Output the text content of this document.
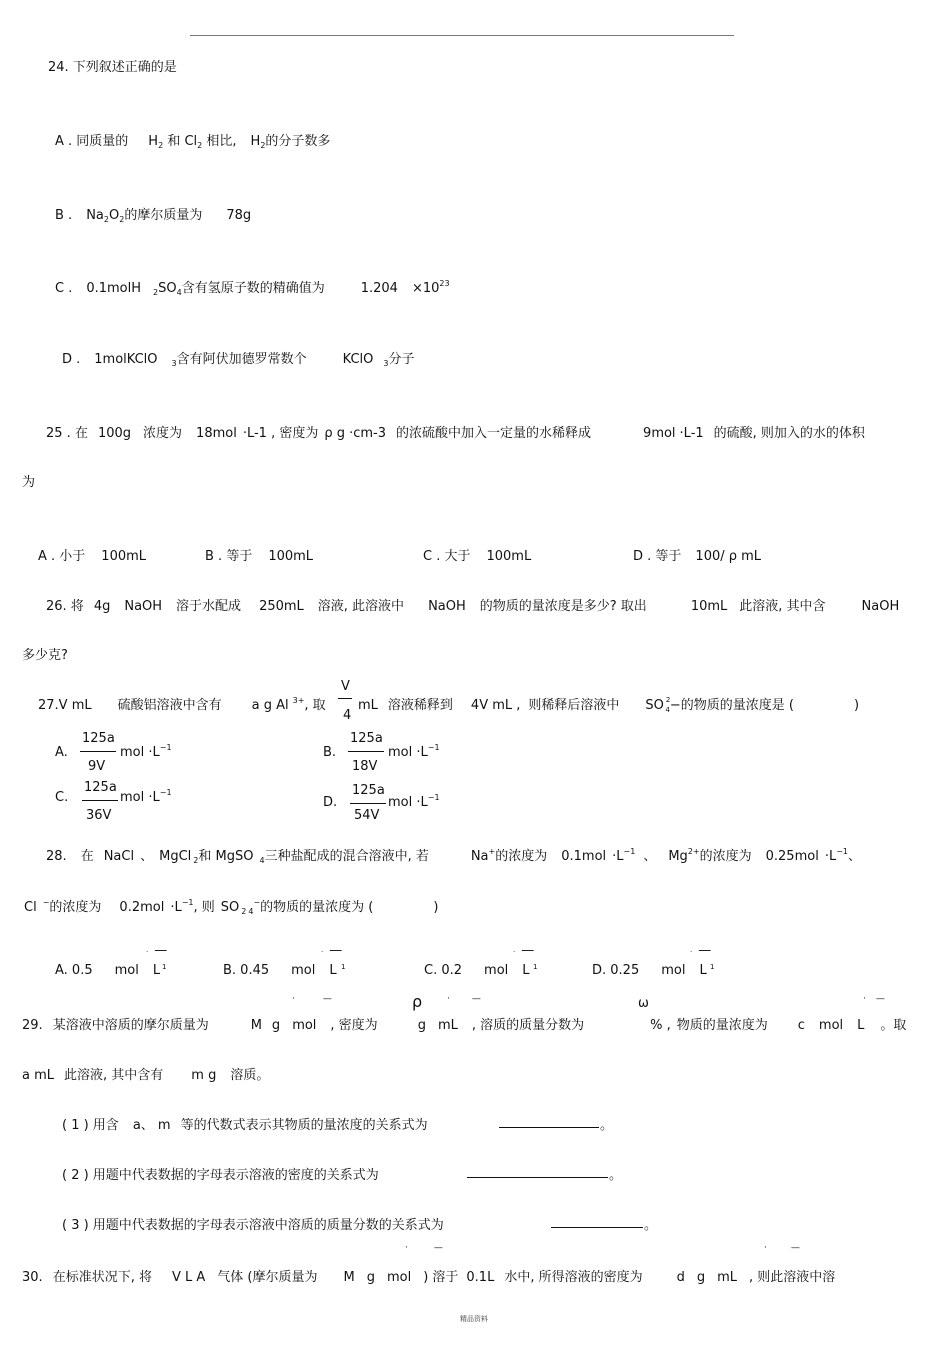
24. 下列叙述正确的是
A . 同质量的 $H_2$ 和 $Cl_2$ 相比, $H_2$的分子数多
B . $Na_2O_2$的摩尔质量为 78g
C . 0.1molH $_2SO_4$含有氢原子数的精确值为	$1.204 \times 10^{23}$
D . 1molKClO $_3$含有阿伏加德罗常数个	KClO $_3$分子
25 . 在 100g 浓度为 18mol ·L-1 , 密度为 ρ g ·cm-3 的浓硫酸中加入一定量的水稀释成	9mol ·L-1 的硫酸, 则加入的水的体积
为
A . 小于 100mL	B . 等于 100mL	C . 大于 100mL	D . 等于 100/ ρ mL
26. 将 4g NaOH 溶于水配成 250mL 溶液, 此溶液中 NaOH 的物质的量浓度是多少? 取出	10mL 此溶液, 其中含	NaOH
多少克?
27.V mL 硫酸铝溶液中含有 a g Al $^{3+}$, 取
V
4
mL 溶液稀释到 4V mL , 则稀释后溶液中 SO $^2_4$−的物质的量浓度是 (	)
A.
125a
9V
mol $\cdot L^{-1}$	B.
125a
18V
mol $\cdot L^{-1}$
C.
125a
36V
mol $\cdot L^{-1}$
D.
125a
54V
mol $\cdot L^{-1}$
28. 在 NaCl 、 MgCl $_2$和 MgSO $_4$三种盐配成的混合溶液中, 若	Na+的浓度为 $0.1mol \cdot L^{-1}$ 、 $Mg^{2+}$的浓度为 $0.25mol \cdot L^{-1}$、
Cl −的浓度为 $0.2mol \cdot L^{-1}$, 则 SO $_2$ $_4$−的物质的量浓度为 (	)
A. 0.5 mol L
· —
1	B. 0.45 mol L
· —
1	C. 0.2 mol L
· —
1	D. 0.25 mol L
· —
1
29. 某溶液中溶质的摩尔质量为	M g mol , 密度为	g mL , 溶质的质量分数为	% , 物质的量浓度为 c mol L 。取
ρ	ω
·	—	· —	· —
a mL 此溶液, 其中含有 m g 溶质。
( 1 ) 用含 a、 m 等的代数式表示其物质的量浓度的关系式为	。
( 2 ) 用题中代表数据的字母表示溶液的密度的关系式为	。
( 3 ) 用题中代表数据的字母表示溶液中溶质的质量分数的关系式为	。
30. 在标准状况下, 将 V L A 气体 (摩尔质量为 M g mol ) 溶于 0.1L 水中, 所得溶液的密度为	d g mL , 则此溶液中溶
·	—	·	—
精品资料
